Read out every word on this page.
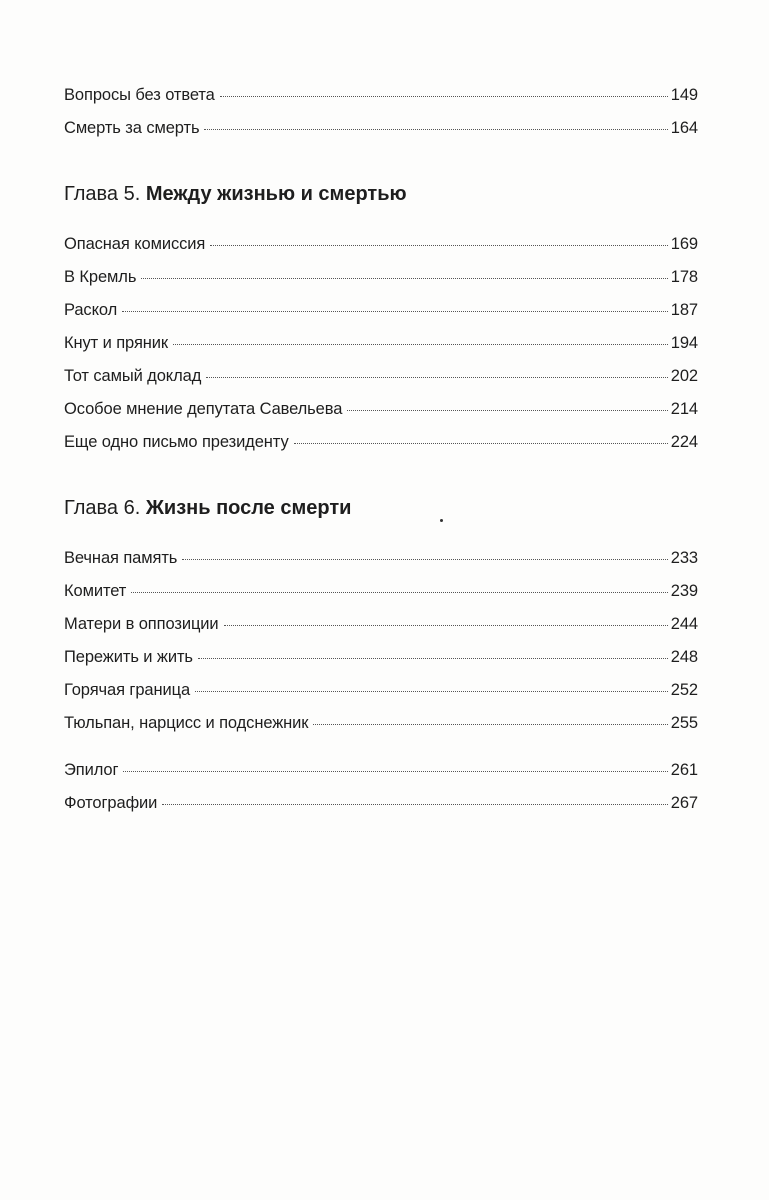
Вопросы без ответа	149
Смерть за смерть	164
Глава 5. Между жизнью и смертью
Опасная комиссия	169
В Кремль	178
Раскол	187
Кнут и пряник	194
Тот самый доклад	202
Особое мнение депутата Савельева	214
Еще одно письмо президенту	224
Глава 6. Жизнь после смерти
Вечная память	233
Комитет	239
Матери в оппозиции	244
Пережить и жить	248
Горячая граница	252
Тюльпан, нарцисс и подснежник	255
Эпилог	261
Фотографии	267
